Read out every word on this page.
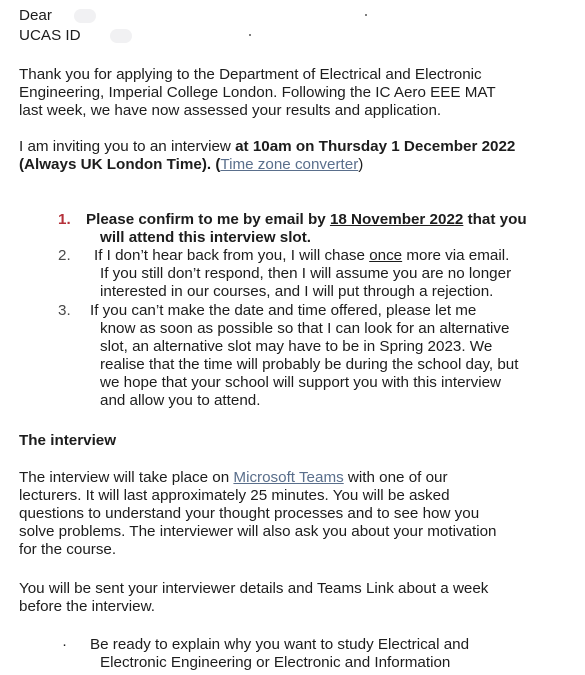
Dear
UCAS ID
Thank you for applying to the Department of Electrical and Electronic
Engineering, Imperial College London. Following the IC Aero EEE MAT
last week, we have now assessed your results and application.
I am inviting you to an interview at 10am on Thursday 1 December 2022
(Always UK London Time). (Time zone converter)
1. Please confirm to me by email by 18 November 2022 that you
will attend this interview slot.
2. If I don’t hear back from you, I will chase once more via email.
If you still don’t respond, then I will assume you are no longer
interested in our courses, and I will put through a rejection.
3. If you can’t make the date and time offered, please let me
know as soon as possible so that I can look for an alternative
slot, an alternative slot may have to be in Spring 2023. We
realise that the time will probably be during the school day, but
we hope that your school will support you with this interview
and allow you to attend.
The interview
The interview will take place on Microsoft Teams with one of our
lecturers. It will last approximately 25 minutes. You will be asked
questions to understand your thought processes and to see how you
solve problems. The interviewer will also ask you about your motivation
for the course.
You will be sent your interviewer details and Teams Link about a week
before the interview.
· Be ready to explain why you want to study Electrical and
Electronic Engineering or Electronic and Information
